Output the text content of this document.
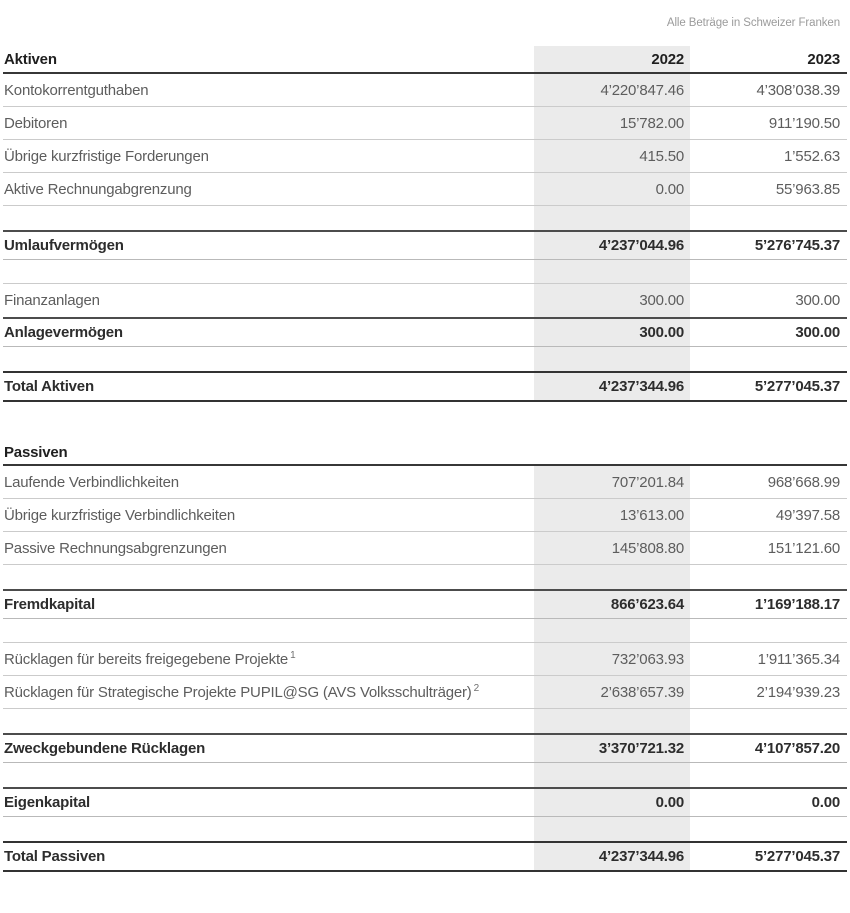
Alle Beträge in Schweizer Franken
Aktiven	2022	2023
Kontokorrentguthaben	4’220’847.46	4’308’038.39
Debitoren	15’782.00	911’190.50
Übrige kurzfristige Forderungen	415.50	1’552.63
Aktive Rechnungabgrenzung	0.00	55’963.85
Umlaufvermögen	4’237’044.96	5’276’745.37
Finanzanlagen	300.00	300.00
Anlagevermögen	300.00	300.00
Total Aktiven	4’237’344.96	5’277’045.37
Passiven
Laufende Verbindlichkeiten	707’201.84	968’668.99
Übrige kurzfristige Verbindlichkeiten	13’613.00	49’397.58
Passive Rechnungsabgrenzungen	145’808.80	151’121.60
Fremdkapital	866’623.64	1’169’188.17
Rücklagen für bereits freigegebene Projekte $^1$	732’063.93	1’911’365.34
Rücklagen für Strategische Projekte PUPIL@SG (AVS Volksschulträger) $^2$	2’638’657.39	2’194’939.23
Zweckgebundene Rücklagen	3’370’721.32	4’107’857.20
Eigenkapital	0.00	0.00
Total Passiven	4’237’344.96	5’277’045.37
